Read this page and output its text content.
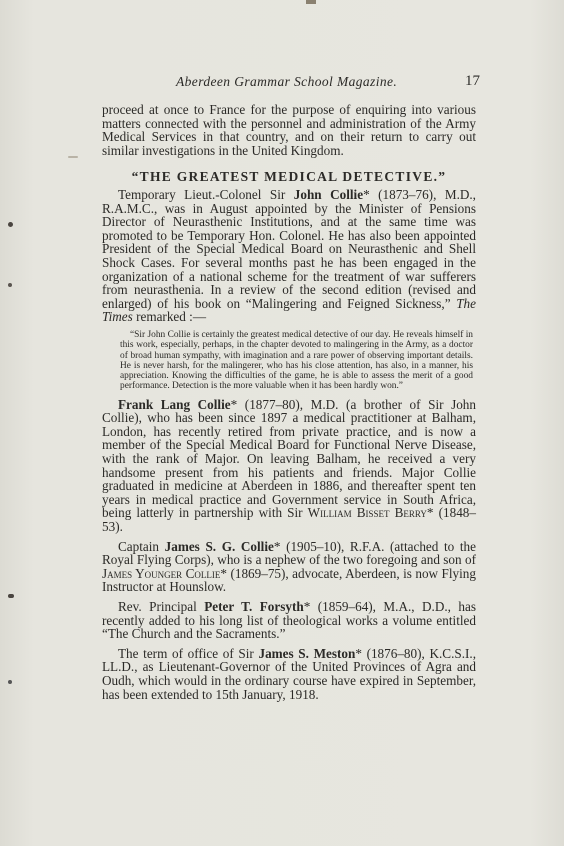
Aberdeen Grammar School Magazine.	17

proceed at once to France for the purpose of enquiring into various matters connected with the personnel and administration of the Army Medical Services in that country, and on their return to carry out similar investigations in the United Kingdom.

“THE GREATEST MEDICAL DETECTIVE.”

Temporary Lieut.-Colonel Sir John Collie* (1873–76), M.D., R.A.M.C., was in August appointed by the Minister of Pensions Director of Neurasthenic Institutions, and at the same time was promoted to be Temporary Hon. Colonel. He has also been appointed President of the Special Medical Board on Neurasthenic and Shell Shock Cases. For several months past he has been engaged in the organization of a national scheme for the treatment of war sufferers from neurasthenia. In a review of the second edition (revised and enlarged) of his book on “Malingering and Feigned Sickness,” The Times remarked :—

“Sir John Collie is certainly the greatest medical detective of our day. He reveals himself in this work, especially, perhaps, in the chapter devoted to malingering in the Army, as a doctor of broad human sympathy, with imagination and a rare power of observing important details. He is never harsh, for the malingerer, who has his close attention, has also, in a manner, his appreciation. Knowing the difficulties of the game, he is able to assess the merit of a good performance. Detection is the more valuable when it has been hardly won.”

Frank Lang Collie* (1877–80), M.D. (a brother of Sir John Collie), who has been since 1897 a medical practitioner at Balham, London, has recently retired from private practice, and is now a member of the Special Medical Board for Functional Nerve Disease, with the rank of Major. On leaving Balham, he received a very handsome present from his patients and friends. Major Collie graduated in medicine at Aberdeen in 1886, and thereafter spent ten years in medical practice and Government service in South Africa, being latterly in partnership with Sir William Bisset Berry* (1848–53).

Captain James S. G. Collie* (1905–10), R.F.A. (attached to the Royal Flying Corps), who is a nephew of the two foregoing and son of James Younger Collie* (1869–75), advocate, Aberdeen, is now Flying Instructor at Hounslow.

Rev. Principal Peter T. Forsyth* (1859–64), M.A., D.D., has recently added to his long list of theological works a volume entitled “The Church and the Sacraments.”

The term of office of Sir James S. Meston* (1876–80), K.C.S.I., LL.D., as Lieutenant-Governor of the United Provinces of Agra and Oudh, which would in the ordinary course have expired in September, has been extended to 15th January, 1918.
